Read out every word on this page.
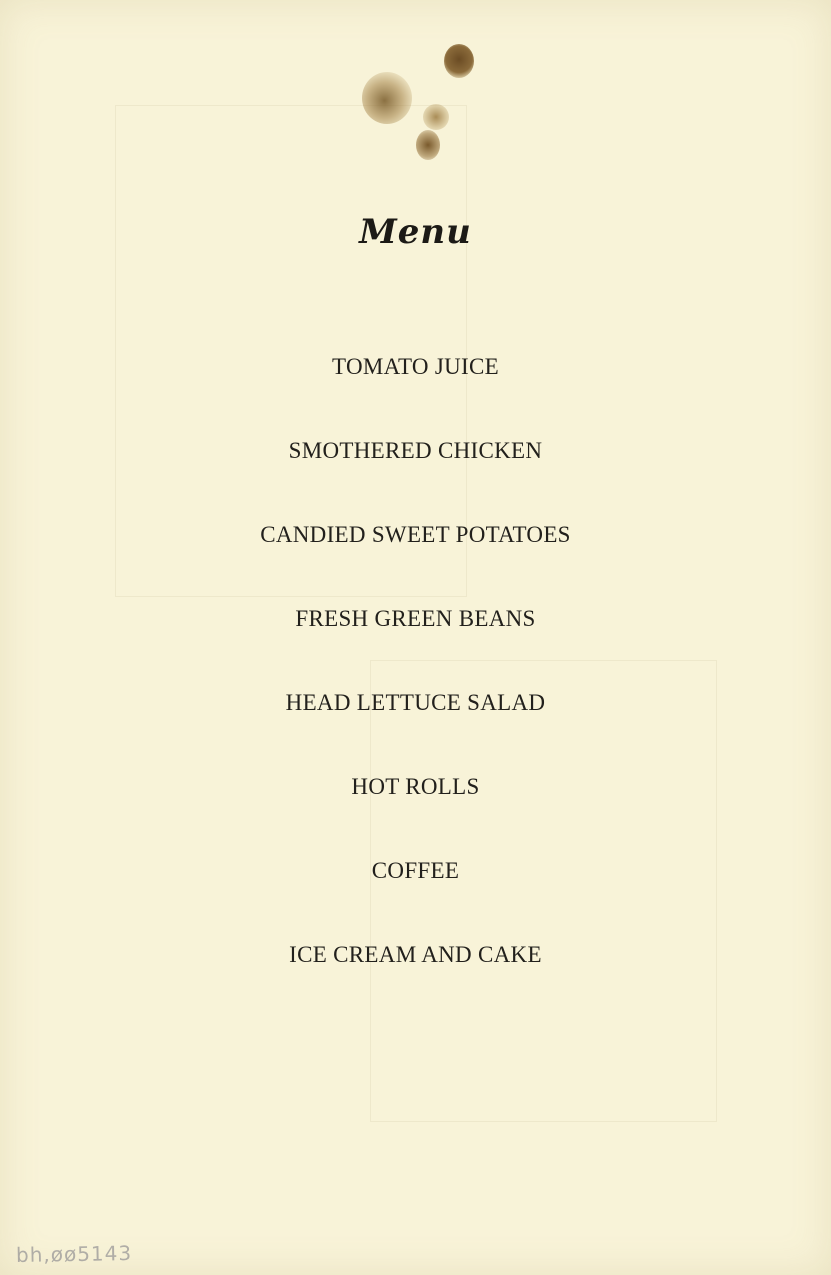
Menu
TOMATO JUICE
SMOTHERED CHICKEN
CANDIED SWEET POTATOES
FRESH GREEN BEANS
HEAD LETTUCE SALAD
HOT ROLLS
COFFEE
ICE CREAM AND CAKE
bh,øø5143
